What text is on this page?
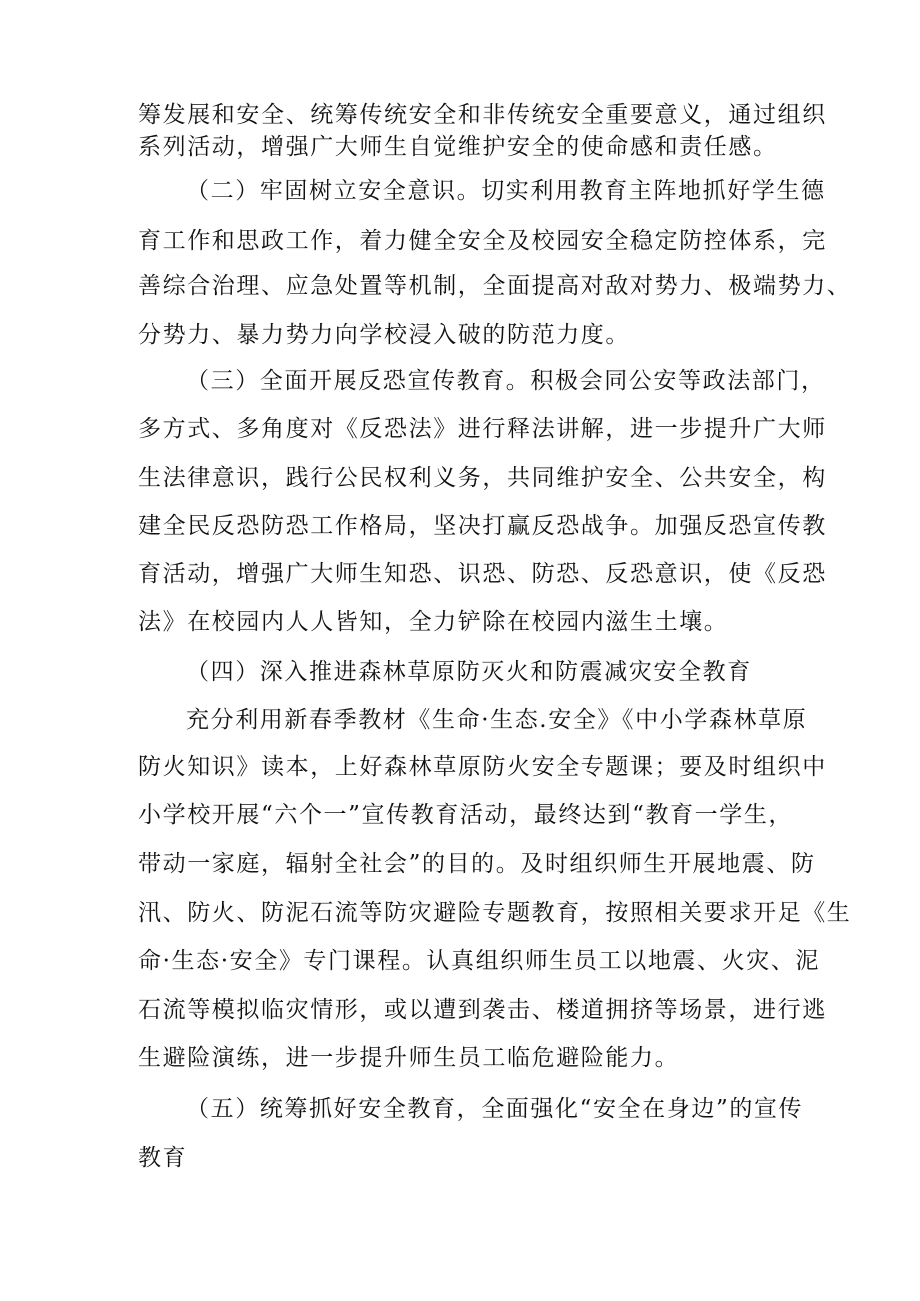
筹发展和安全、统筹传统安全和非传统安全重要意义，通过组织

系列活动，增强广大师生自觉维护安全的使命感和责任感。

（二）牢固树立安全意识。切实利用教育主阵地抓好学生德

育工作和思政工作，着力健全安全及校园安全稳定防控体系，完

善综合治理、应急处置等机制，全面提高对敌对势力、极端势力、

分势力、暴力势力向学校浸入破的防范力度。

（三）全面开展反恐宣传教育。积极会同公安等政法部门，

多方式、多角度对《反恐法》进行释法讲解，进一步提升广大师

生法律意识，践行公民权利义务，共同维护安全、公共安全，构

建全民反恐防恐工作格局，坚决打赢反恐战争。加强反恐宣传教

育活动，增强广大师生知恐、识恐、防恐、反恐意识，使《反恐

法》在校园内人人皆知，全力铲除在校园内滋生土壤。

（四）深入推进森林草原防灭火和防震减灾安全教育

充分利用新春季教材《生命·生态.安全》《中小学森林草原

防火知识》读本，上好森林草原防火安全专题课；要及时组织中

小学校开展“六个一”宣传教育活动，最终达到“教育一学生，

带动一家庭，辐射全社会”的目的。及时组织师生开展地震、防

汛、防火、防泥石流等防灾避险专题教育，按照相关要求开足《生

命·生态·安全》专门课程。认真组织师生员工以地震、火灾、泥

石流等模拟临灾情形，或以遭到袭击、楼道拥挤等场景，进行逃

生避险演练，进一步提升师生员工临危避险能力。

（五）统筹抓好安全教育，全面强化“安全在身边”的宣传

教育
